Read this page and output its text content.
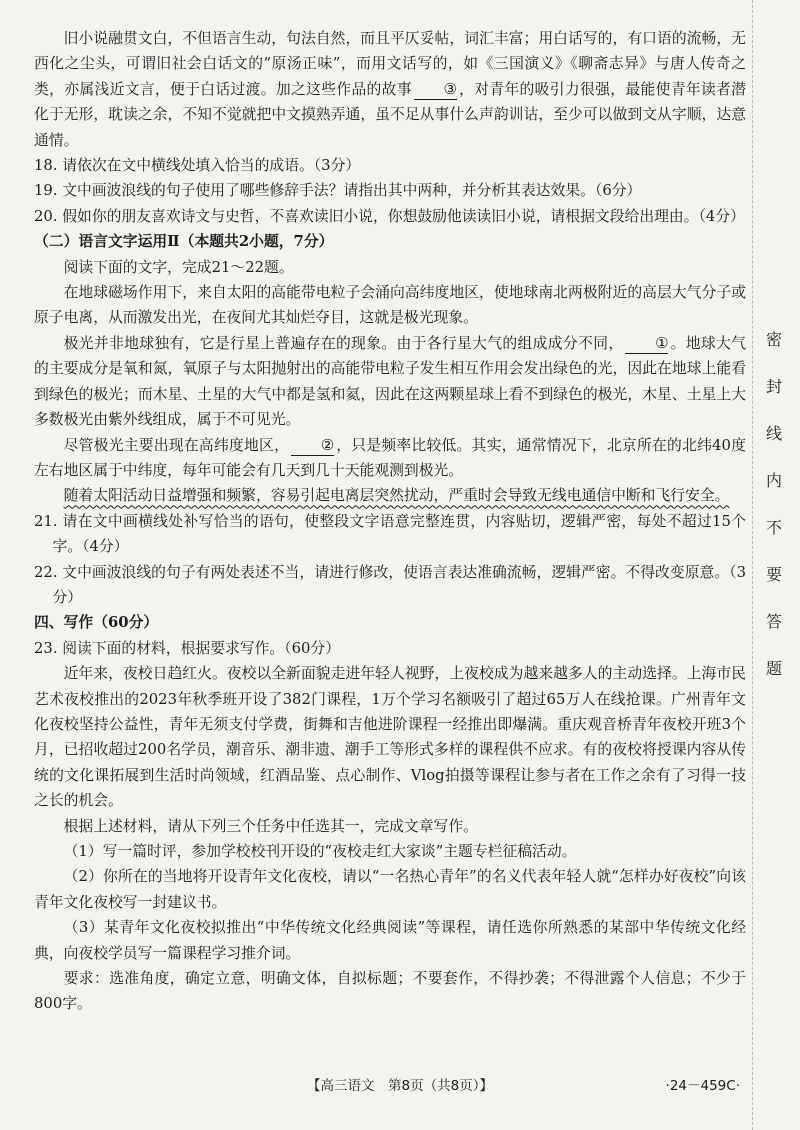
旧小说融贯文白，不但语言生动，句法自然，而且平仄妥帖，词汇丰富；用白话写的，有口语的流畅，无西化之尘头，可谓旧社会白话文的“原汤正味”，而用文话写的，如《三国演义》《聊斋志异》与唐人传奇之类，亦属浅近文言，便于白话过渡。加之这些作品的故事 ③ ，对青年的吸引力很强，最能使青年读者潜化于无形，耽读之余，不知不觉就把中文摸熟弄通，虽不足从事什么声韵训诂，至少可以做到文从字顺，达意通情。

18. 请依次在文中横线处填入恰当的成语。（3分）

19. 文中画波浪线的句子使用了哪些修辞手法？请指出其中两种，并分析其表达效果。（6分）

20. 假如你的朋友喜欢诗文与史哲，不喜欢读旧小说，你想鼓励他读读旧小说，请根据文段给出理由。（4分）

（二）语言文字运用Ⅱ（本题共2小题，7分）

阅读下面的文字，完成21～22题。

在地球磁场作用下，来自太阳的高能带电粒子会涌向高纬度地区，使地球南北两极附近的高层大气分子或原子电离，从而激发出光，在夜间尤其灿烂夺目，这就是极光现象。

极光并非地球独有，它是行星上普遍存在的现象。由于各行星大气的组成成分不同， ① 。地球大气的主要成分是氧和氮，氧原子与太阳抛射出的高能带电粒子发生相互作用会发出绿色的光，因此在地球上能看到绿色的极光；而木星、土星的大气中都是氢和氦，因此在这两颗星球上看不到绿色的极光，木星、土星上大多数极光由紫外线组成，属于不可见光。

尽管极光主要出现在高纬度地区， ② ，只是频率比较低。其实，通常情况下，北京所在的北纬40度左右地区属于中纬度，每年可能会有几天到几十天能观测到极光。

随着太阳活动日益增强和频繁，容易引起电离层突然扰动，严重时会导致无线电通信中断和飞行安全。

21. 请在文中画横线处补写恰当的语句，使整段文字语意完整连贯，内容贴切，逻辑严密，每处不超过15个字。（4分）

22. 文中画波浪线的句子有两处表述不当，请进行修改，使语言表达准确流畅，逻辑严密。不得改变原意。（3分）

四、写作（60分）

23. 阅读下面的材料，根据要求写作。（60分）

近年来，夜校日趋红火。夜校以全新面貌走进年轻人视野，上夜校成为越来越多人的主动选择。上海市民艺术夜校推出的2023年秋季班开设了382门课程，1万个学习名额吸引了超过65万人在线抢课。广州青年文化夜校坚持公益性，青年无须支付学费，街舞和吉他进阶课程一经推出即爆满。重庆观音桥青年夜校开班3个月，已招收超过200名学员，潮音乐、潮非遗、潮手工等形式多样的课程供不应求。有的夜校将授课内容从传统的文化课拓展到生活时尚领域，红酒品鉴、点心制作、Vlog拍摄等课程让参与者在工作之余有了习得一技之长的机会。

根据上述材料，请从下列三个任务中任选其一，完成文章写作。

（1）写一篇时评，参加学校校刊开设的“夜校走红大家谈”主题专栏征稿活动。

（2）你所在的当地将开设青年文化夜校，请以“一名热心青年”的名义代表年轻人就“怎样办好夜校”向该青年文化夜校写一封建议书。

（3）某青年文化夜校拟推出“中华传统文化经典阅读”等课程，请任选你所熟悉的某部中华传统文化经典，向夜校学员写一篇课程学习推介词。

要求：选准角度，确定立意，明确文体，自拟标题；不要套作，不得抄袭；不得泄露个人信息；不少于800字。

密
封
线
内
不
要
答
题
【高三语文　第8页（共8页）】	·24－459C·
